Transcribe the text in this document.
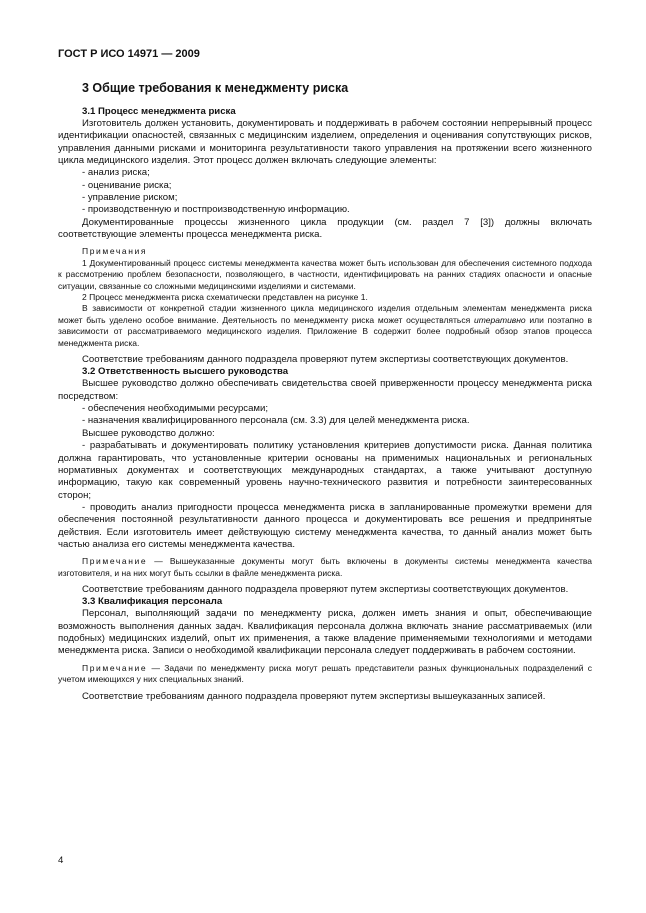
ГОСТ Р ИСО 14971 — 2009
3 Общие требования к менеджменту риска
3.1 Процесс менеджмента риска

Изготовитель должен установить, документировать и поддерживать в рабочем состоянии непрерывный процесс идентификации опасностей, связанных с медицинским изделием, определения и оценивания сопутствующих рисков, управления данными рисками и мониторинга результативности такого управления на протяжении всего жизненного цикла медицинского изделия. Этот процесс должен включать следующие элементы:

- анализ риска;

- оценивание риска;

- управление риском;

- производственную и постпроизводственную информацию.

Документированные процессы жизненного цикла продукции (см. раздел 7 [3]) должны включать соответствующие элементы процесса менеджмента риска.

Примечания

1 Документированный процесс системы менеджмента качества может быть использован для обеспечения системного подхода к рассмотрению проблем безопасности, позволяющего, в частности, идентифицировать на ранних стадиях опасности и опасные ситуации, связанные со сложными медицинскими изделиями и системами.

2 Процесс менеджмента риска схематически представлен на рисунке 1.

В зависимости от конкретной стадии жизненного цикла медицинского изделия отдельным элементам менеджмента риска может быть уделено особое внимание. Деятельность по менеджменту риска может осуществляться итеративно или поэтапно в зависимости от рассматриваемого медицинского изделия. Приложение В содержит более подробный обзор этапов процесса менеджмента риска.

Соответствие требованиям данного подраздела проверяют путем экспертизы соответствующих документов.

3.2 Ответственность высшего руководства

Высшее руководство должно обеспечивать свидетельства своей приверженности процессу менеджмента риска посредством:

- обеспечения необходимыми ресурсами;

- назначения квалифицированного персонала (см. 3.3) для целей менеджмента риска.

Высшее руководство должно:

- разрабатывать и документировать политику установления критериев допустимости риска. Данная политика должна гарантировать, что установленные критерии основаны на применимых национальных и региональных нормативных документах и соответствующих международных стандартах, а также учитывают доступную информацию, такую как современный уровень научно-технического развития и потребности заинтересованных сторон;

- проводить анализ пригодности процесса менеджмента риска в запланированные промежутки времени для обеспечения постоянной результативности данного процесса и документировать все решения и предпринятые действия. Если изготовитель имеет действующую систему менеджмента качества, то данный анализ может быть частью анализа его системы менеджмента качества.

Примечание — Вышеуказанные документы могут быть включены в документы системы менеджмента качества изготовителя, и на них могут быть ссылки в файле менеджмента риска.

Соответствие требованиям данного подраздела проверяют путем экспертизы соответствующих документов.

3.3 Квалификация персонала

Персонал, выполняющий задачи по менеджменту риска, должен иметь знания и опыт, обеспечивающие возможность выполнения данных задач. Квалификация персонала должна включать знание рассматриваемых (или подобных) медицинских изделий, опыт их применения, а также владение применяемыми технологиями и методами менеджмента риска. Записи о необходимой квалификации персонала следует поддерживать в рабочем состоянии.

Примечание — Задачи по менеджменту риска могут решать представители разных функциональных подразделений с учетом имеющихся у них специальных знаний.

Соответствие требованиям данного подраздела проверяют путем экспертизы вышеуказанных записей.

4
